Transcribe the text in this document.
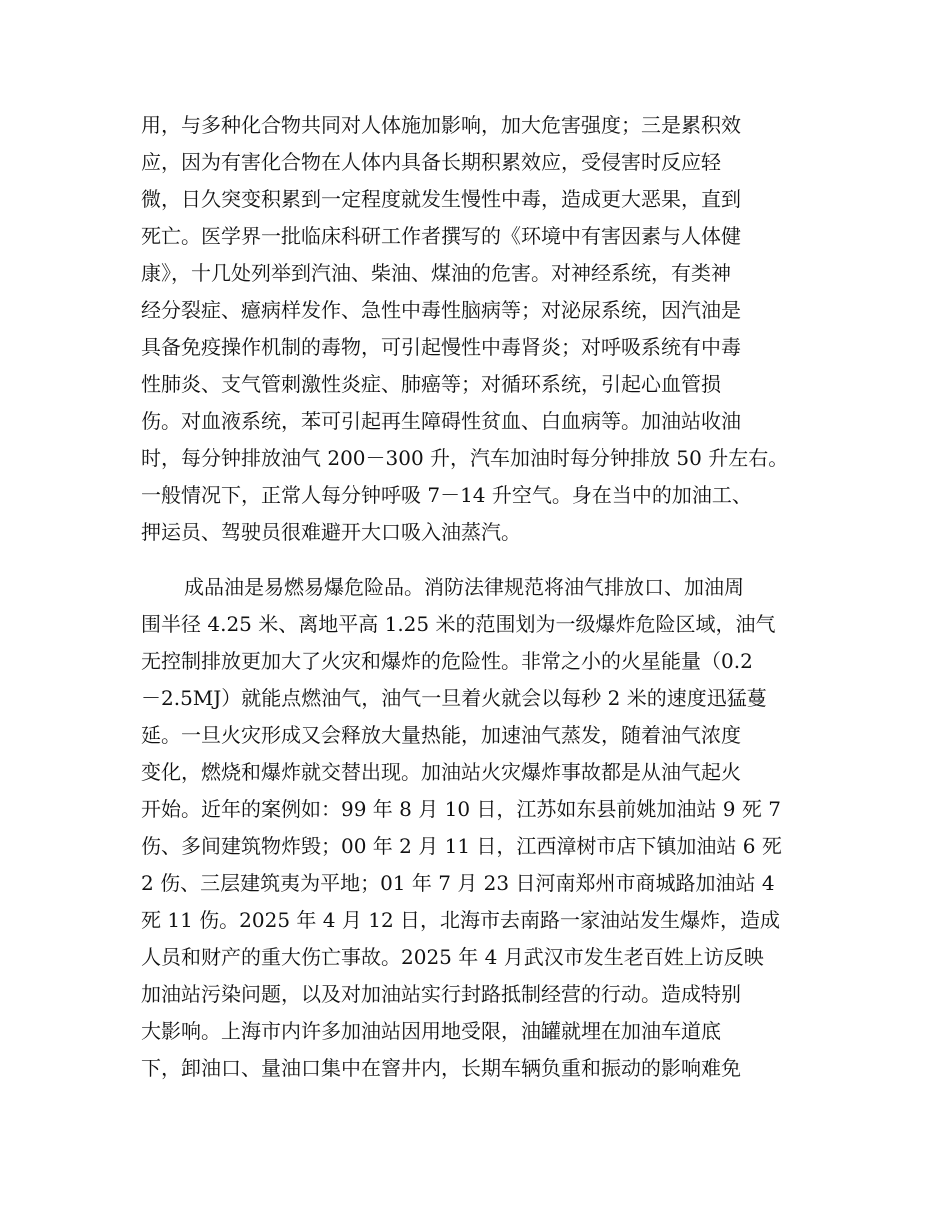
用，与多种化合物共同对人体施加影响，加大危害强度；三是累积效

应，因为有害化合物在人体内具备长期积累效应，受侵害时反应轻

微，日久突变积累到一定程度就发生慢性中毒，造成更大恶果，直到

死亡。医学界一批临床科研工作者撰写的《环境中有害因素与人体健

康》，十几处列举到汽油、柴油、煤油的危害。对神经系统，有类神

经分裂症、癔病样发作、急性中毒性脑病等；对泌尿系统，因汽油是

具备免疫操作机制的毒物，可引起慢性中毒肾炎；对呼吸系统有中毒

性肺炎、支气管刺激性炎症、肺癌等；对循环系统，引起心血管损

伤。对血液系统，苯可引起再生障碍性贫血、白血病等。加油站收油

时，每分钟排放油气 200－300 升，汽车加油时每分钟排放 50 升左右。

一般情况下，正常人每分钟呼吸 7－14 升空气。身在当中的加油工、

押运员、驾驶员很难避开大口吸入油蒸汽。

成品油是易燃易爆危险品。消防法律规范将油气排放口、加油周

围半径 4.25 米、离地平高 1.25 米的范围划为一级爆炸危险区域，油气

无控制排放更加大了火灾和爆炸的危险性。非常之小的火星能量（0.2

－2.5MJ）就能点燃油气，油气一旦着火就会以每秒 2 米的速度迅猛蔓

延。一旦火灾形成又会释放大量热能，加速油气蒸发，随着油气浓度

变化，燃烧和爆炸就交替出现。加油站火灾爆炸事故都是从油气起火

开始。近年的案例如：99 年 8 月 10 日，江苏如东县前姚加油站 9 死 7

伤、多间建筑物炸毁；00 年 2 月 11 日，江西漳树市店下镇加油站 6 死

2 伤、三层建筑夷为平地；01 年 7 月 23 日河南郑州市商城路加油站 4

死 11 伤。2025 年 4 月 12 日，北海市去南路一家油站发生爆炸，造成

人员和财产的重大伤亡事故。2025 年 4 月武汉市发生老百姓上访反映

加油站污染问题，以及对加油站实行封路抵制经营的行动。造成特别

大影响。上海市内许多加油站因用地受限，油罐就埋在加油车道底

下，卸油口、量油口集中在窨井内，长期车辆负重和振动的影响难免
